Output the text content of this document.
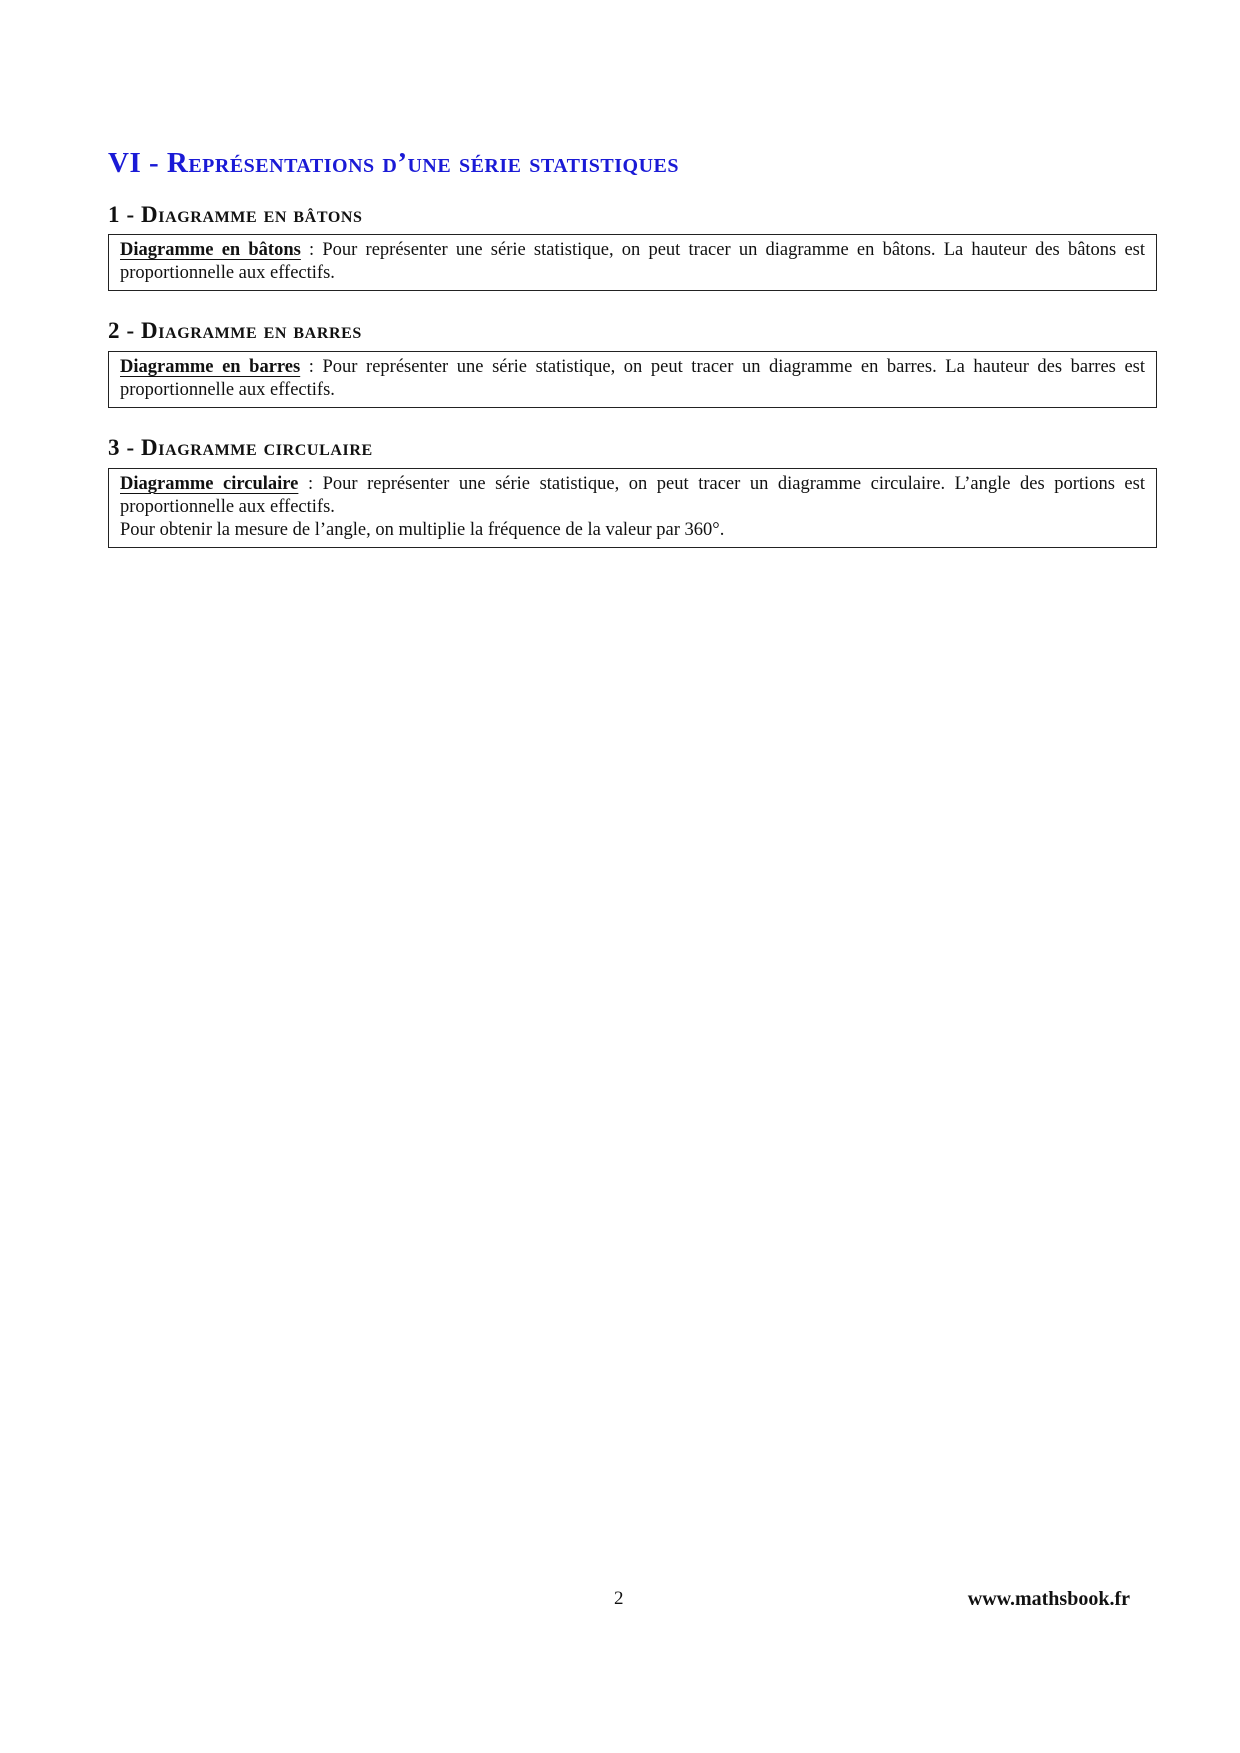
VI - Représentations d’une série statistiques
1 - Diagramme en bâtons
Diagramme en bâtons : Pour représenter une série statistique, on peut tracer un diagramme en bâtons. La hauteur des bâtons est proportionnelle aux effectifs.
2 - Diagramme en barres
Diagramme en barres : Pour représenter une série statistique, on peut tracer un diagramme en barres. La hauteur des barres est proportionnelle aux effectifs.
3 - Diagramme circulaire
Diagramme circulaire : Pour représenter une série statistique, on peut tracer un diagramme circulaire. L’angle des portions est proportionnelle aux effectifs.
Pour obtenir la mesure de l’angle, on multiplie la fréquence de la valeur par 360°.
2	www.mathsbook.fr
